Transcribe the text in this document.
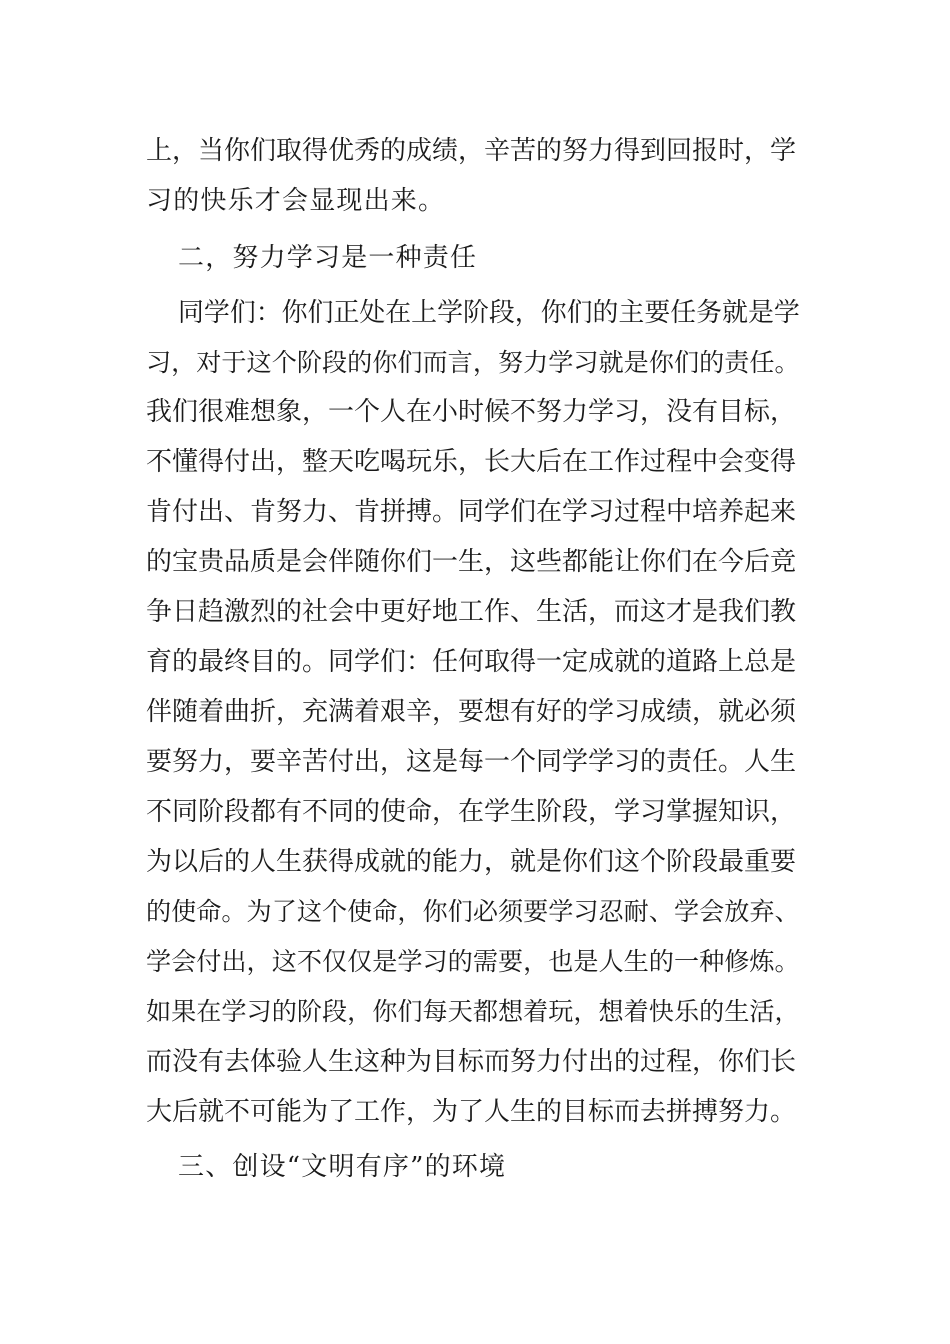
上，当你们取得优秀的成绩，辛苦的努力得到回报时，学
习的快乐才会显现出来。
二，努力学习是一种责任
同学们：你们正处在上学阶段，你们的主要任务就是学
习，对于这个阶段的你们而言，努力学习就是你们的责任。
我们很难想象，一个人在小时候不努力学习，没有目标，
不懂得付出，整天吃喝玩乐，长大后在工作过程中会变得
肯付出、肯努力、肯拼搏。同学们在学习过程中培养起来
的宝贵品质是会伴随你们一生，这些都能让你们在今后竞
争日趋激烈的社会中更好地工作、生活，而这才是我们教
育的最终目的。同学们：任何取得一定成就的道路上总是
伴随着曲折，充满着艰辛，要想有好的学习成绩，就必须
要努力，要辛苦付出，这是每一个同学学习的责任。人生
不同阶段都有不同的使命，在学生阶段，学习掌握知识，
为以后的人生获得成就的能力，就是你们这个阶段最重要
的使命。为了这个使命，你们必须要学习忍耐、学会放弃、
学会付出，这不仅仅是学习的需要，也是人生的一种修炼。
如果在学习的阶段，你们每天都想着玩，想着快乐的生活，
而没有去体验人生这种为目标而努力付出的过程，你们长
大后就不可能为了工作，为了人生的目标而去拼搏努力。
三、创设“文明有序”的环境
